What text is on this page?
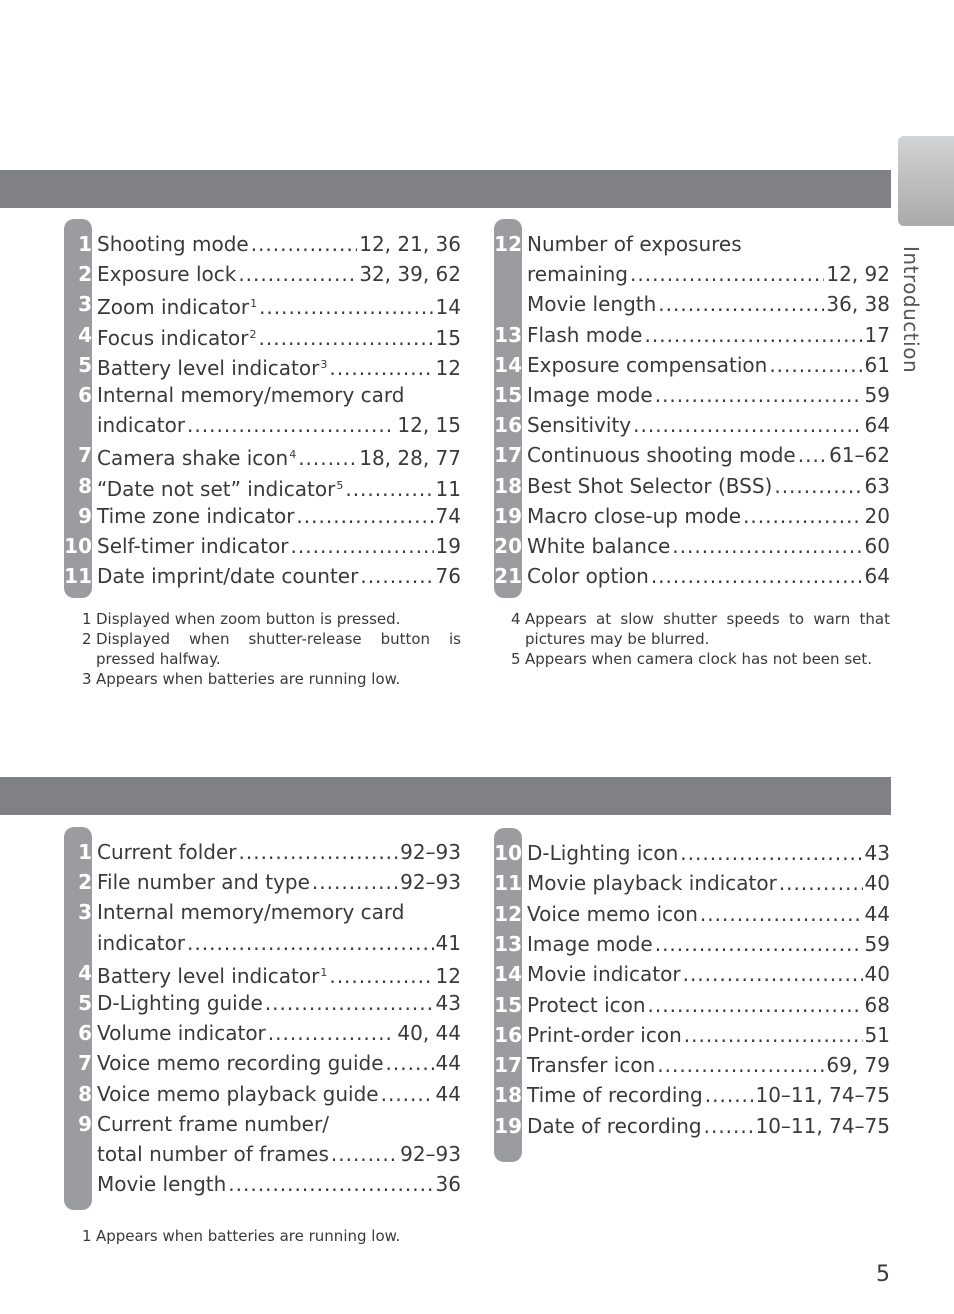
Introduction
1 Shooting mode .....	12, 21, 36
2 Exposure lock .....	32, 39, 62
3 Zoom indicator$^1$ .....	14
4 Focus indicator$^2$ .....	15
5 Battery level indicator$^3$ .....	12
6 Internal memory/memory card
indicator .....	12, 15
7 Camera shake icon$^4$ .....	18, 28, 77
8 “Date not set” indicator$^5$ .....	11
9 Time zone indicator .....	74
10 Self-timer indicator .....	19
11 Date imprint/date counter .....	76
12 Number of exposures
remaining .....	12, 92
Movie length .....	36, 38
13 Flash mode .....	17
14 Exposure compensation .....	61
15 Image mode .....	59
16 Sensitivity .....	64
17 Continuous shooting mode ..... 61–62
18 Best Shot Selector (BSS) .....	63
19 Macro close-up mode .....	20
20 White balance .....	60
21 Color option .....	64
1 Displayed when zoom button is pressed.
2 Displayed when shutter-release button is pressed halfway.
3 Appears when batteries are running low.
4 Appears at slow shutter speeds to warn that pictures may be blurred.
5 Appears when camera clock has not been set.
1 Current folder .....	92–93
2 File number and type .....	92–93
3 Internal memory/memory card
indicator .....	41
4 Battery level indicator$^1$ .....	12
5 D-Lighting guide .....	43
6 Volume indicator .....	40, 44
7 Voice memo recording guide .....	44
8 Voice memo playback guide .....	44
9 Current frame number/
total number of frames .....	92–93
Movie length .....	36
10 D-Lighting icon .....	43
11 Movie playback indicator .....	40
12 Voice memo icon .....	44
13 Image mode .....	59
14 Movie indicator .....	40
15 Protect icon .....	68
16 Print-order icon .....	51
17 Transfer icon .....	69, 79
18 Time of recording .....	10–11, 74–75
19 Date of recording .....	10–11, 74–75
1 Appears when batteries are running low.
5
